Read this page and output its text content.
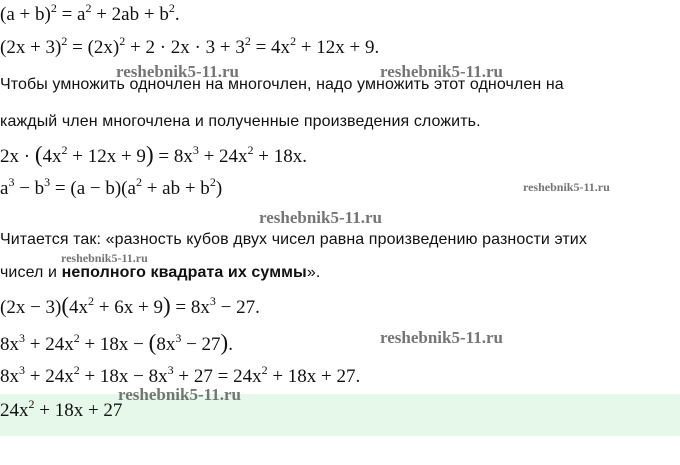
$(a + b)^2 = a^2 + 2ab + b^2$.
$(2x + 3)^2 = (2x)^2 + 2 \cdot 2x \cdot 3 + 3^2 = 4x^2 + 12x + 9$.
Чтобы умножить одночлен на многочлен, надо умножить этот одночлен на
каждый член многочлена и полученные произведения сложить.
$2x \cdot (4x^2 + 12x + 9) = 8x^3 + 24x^2 + 18x$.
$a^3 - b^3 = (a - b)(a^2$ + ab + $b^2$)
Читается так: «разность кубов двух чисел равна произведению разности этих
чисел и неполного квадрата их суммы».
$(2x - 3)(4x^2 + 6x + 9) = 8x^3 - 27$.
$8x^3 + 24x^2 + 18x - (8x^3 - 27)$.
$8x^3 + 24x^2 + 18x - 8x^3 + 27 = 24x^2 + 18x + 27$.
$24x^2 + 18x + 27$
reshebnik5-11.ru	reshebnik5-11.ru
reshebnik5-11.ru
reshebnik5-11.ru
reshebnik5-11.ru
reshebnik5-11.ru
reshebnik5-11.ru
